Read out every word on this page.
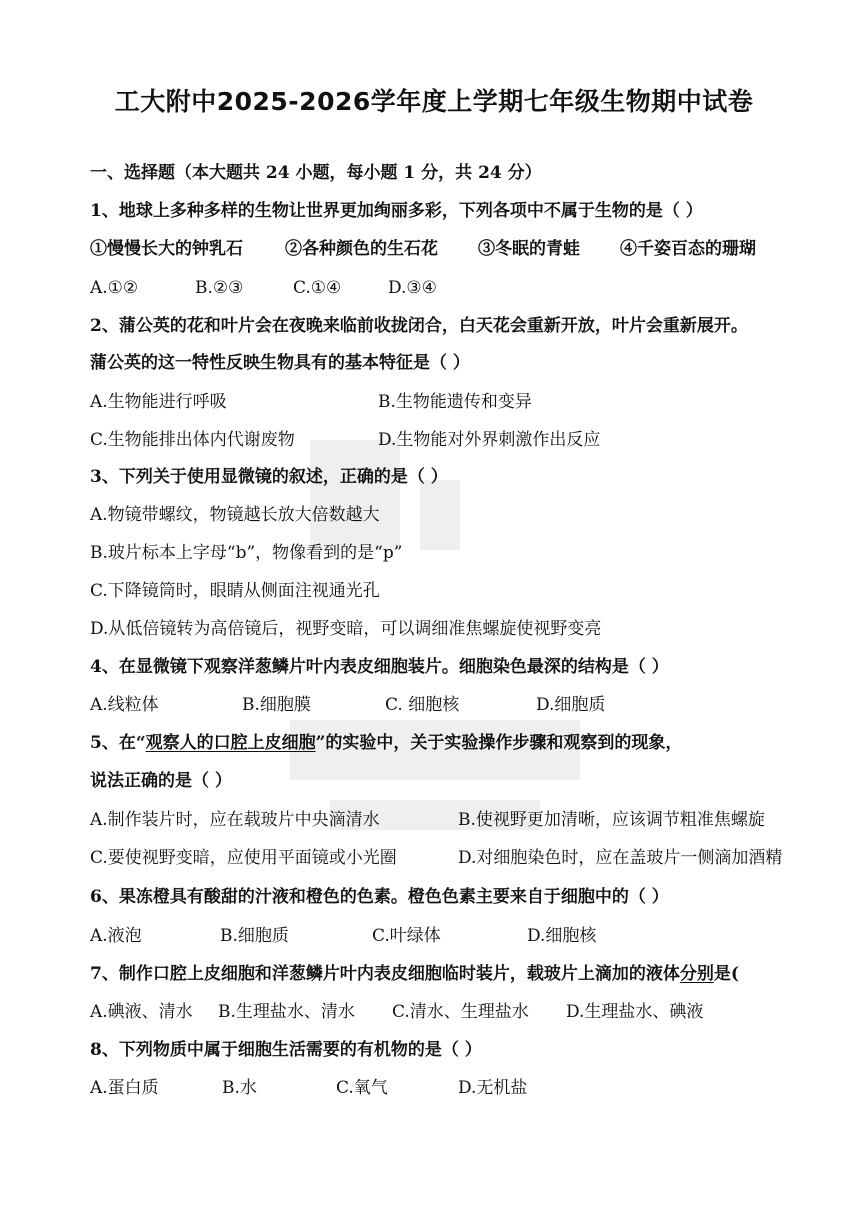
工大附中2025-2026学年度上学期七年级生物期中试卷
一、选择题（本大题共 24 小题，每小题 1 分，共 24 分）
1、地球上多种多样的生物让世界更加绚丽多彩，下列各项中不属于生物的是（ ）
①慢慢长大的钟乳石 ②各种颜色的生石花 ③冬眠的青蛙 ④千姿百态的珊瑚
A.①②	B.②③	C.①④	D.③④
2、蒲公英的花和叶片会在夜晚来临前收拢闭合，白天花会重新开放，叶片会重新展开。
蒲公英的这一特性反映生物具有的基本特征是（ ）
A.生物能进行呼吸	B.生物能遗传和变异
C.生物能排出体内代谢废物	D.生物能对外界刺激作出反应
3、下列关于使用显微镜的叙述，正确的是（ ）
A.物镜带螺纹，物镜越长放大倍数越大
B.玻片标本上字母“b”，物像看到的是“p”
C.下降镜筒时，眼睛从侧面注视通光孔
D.从低倍镜转为高倍镜后，视野变暗，可以调细准焦螺旋使视野变亮
4、在显微镜下观察洋葱鳞片叶内表皮细胞装片。细胞染色最深的结构是（ ）
A.线粒体	B.细胞膜	C. 细胞核	D.细胞质
5、在“观察人的口腔上皮细胞”的实验中，关于实验操作步骤和观察到的现象，
说法正确的是（ ）
A.制作装片时，应在载玻片中央滴清水	B.使视野更加清晰，应该调节粗准焦螺旋
C.要使视野变暗，应使用平面镜或小光圈	D.对细胞染色时，应在盖玻片一侧滴加酒精
6、果冻橙具有酸甜的汁液和橙色的色素。橙色色素主要来自于细胞中的（ ）
A.液泡	B.细胞质	C.叶绿体	D.细胞核
7、制作口腔上皮细胞和洋葱鳞片叶内表皮细胞临时装片，载玻片上滴加的液体分别是(
A.碘液、清水 B.生理盐水、清水 C.清水、生理盐水 D.生理盐水、碘液
8、下列物质中属于细胞生活需要的有机物的是（ ）
A.蛋白质	B.水	C.氧气	D.无机盐
